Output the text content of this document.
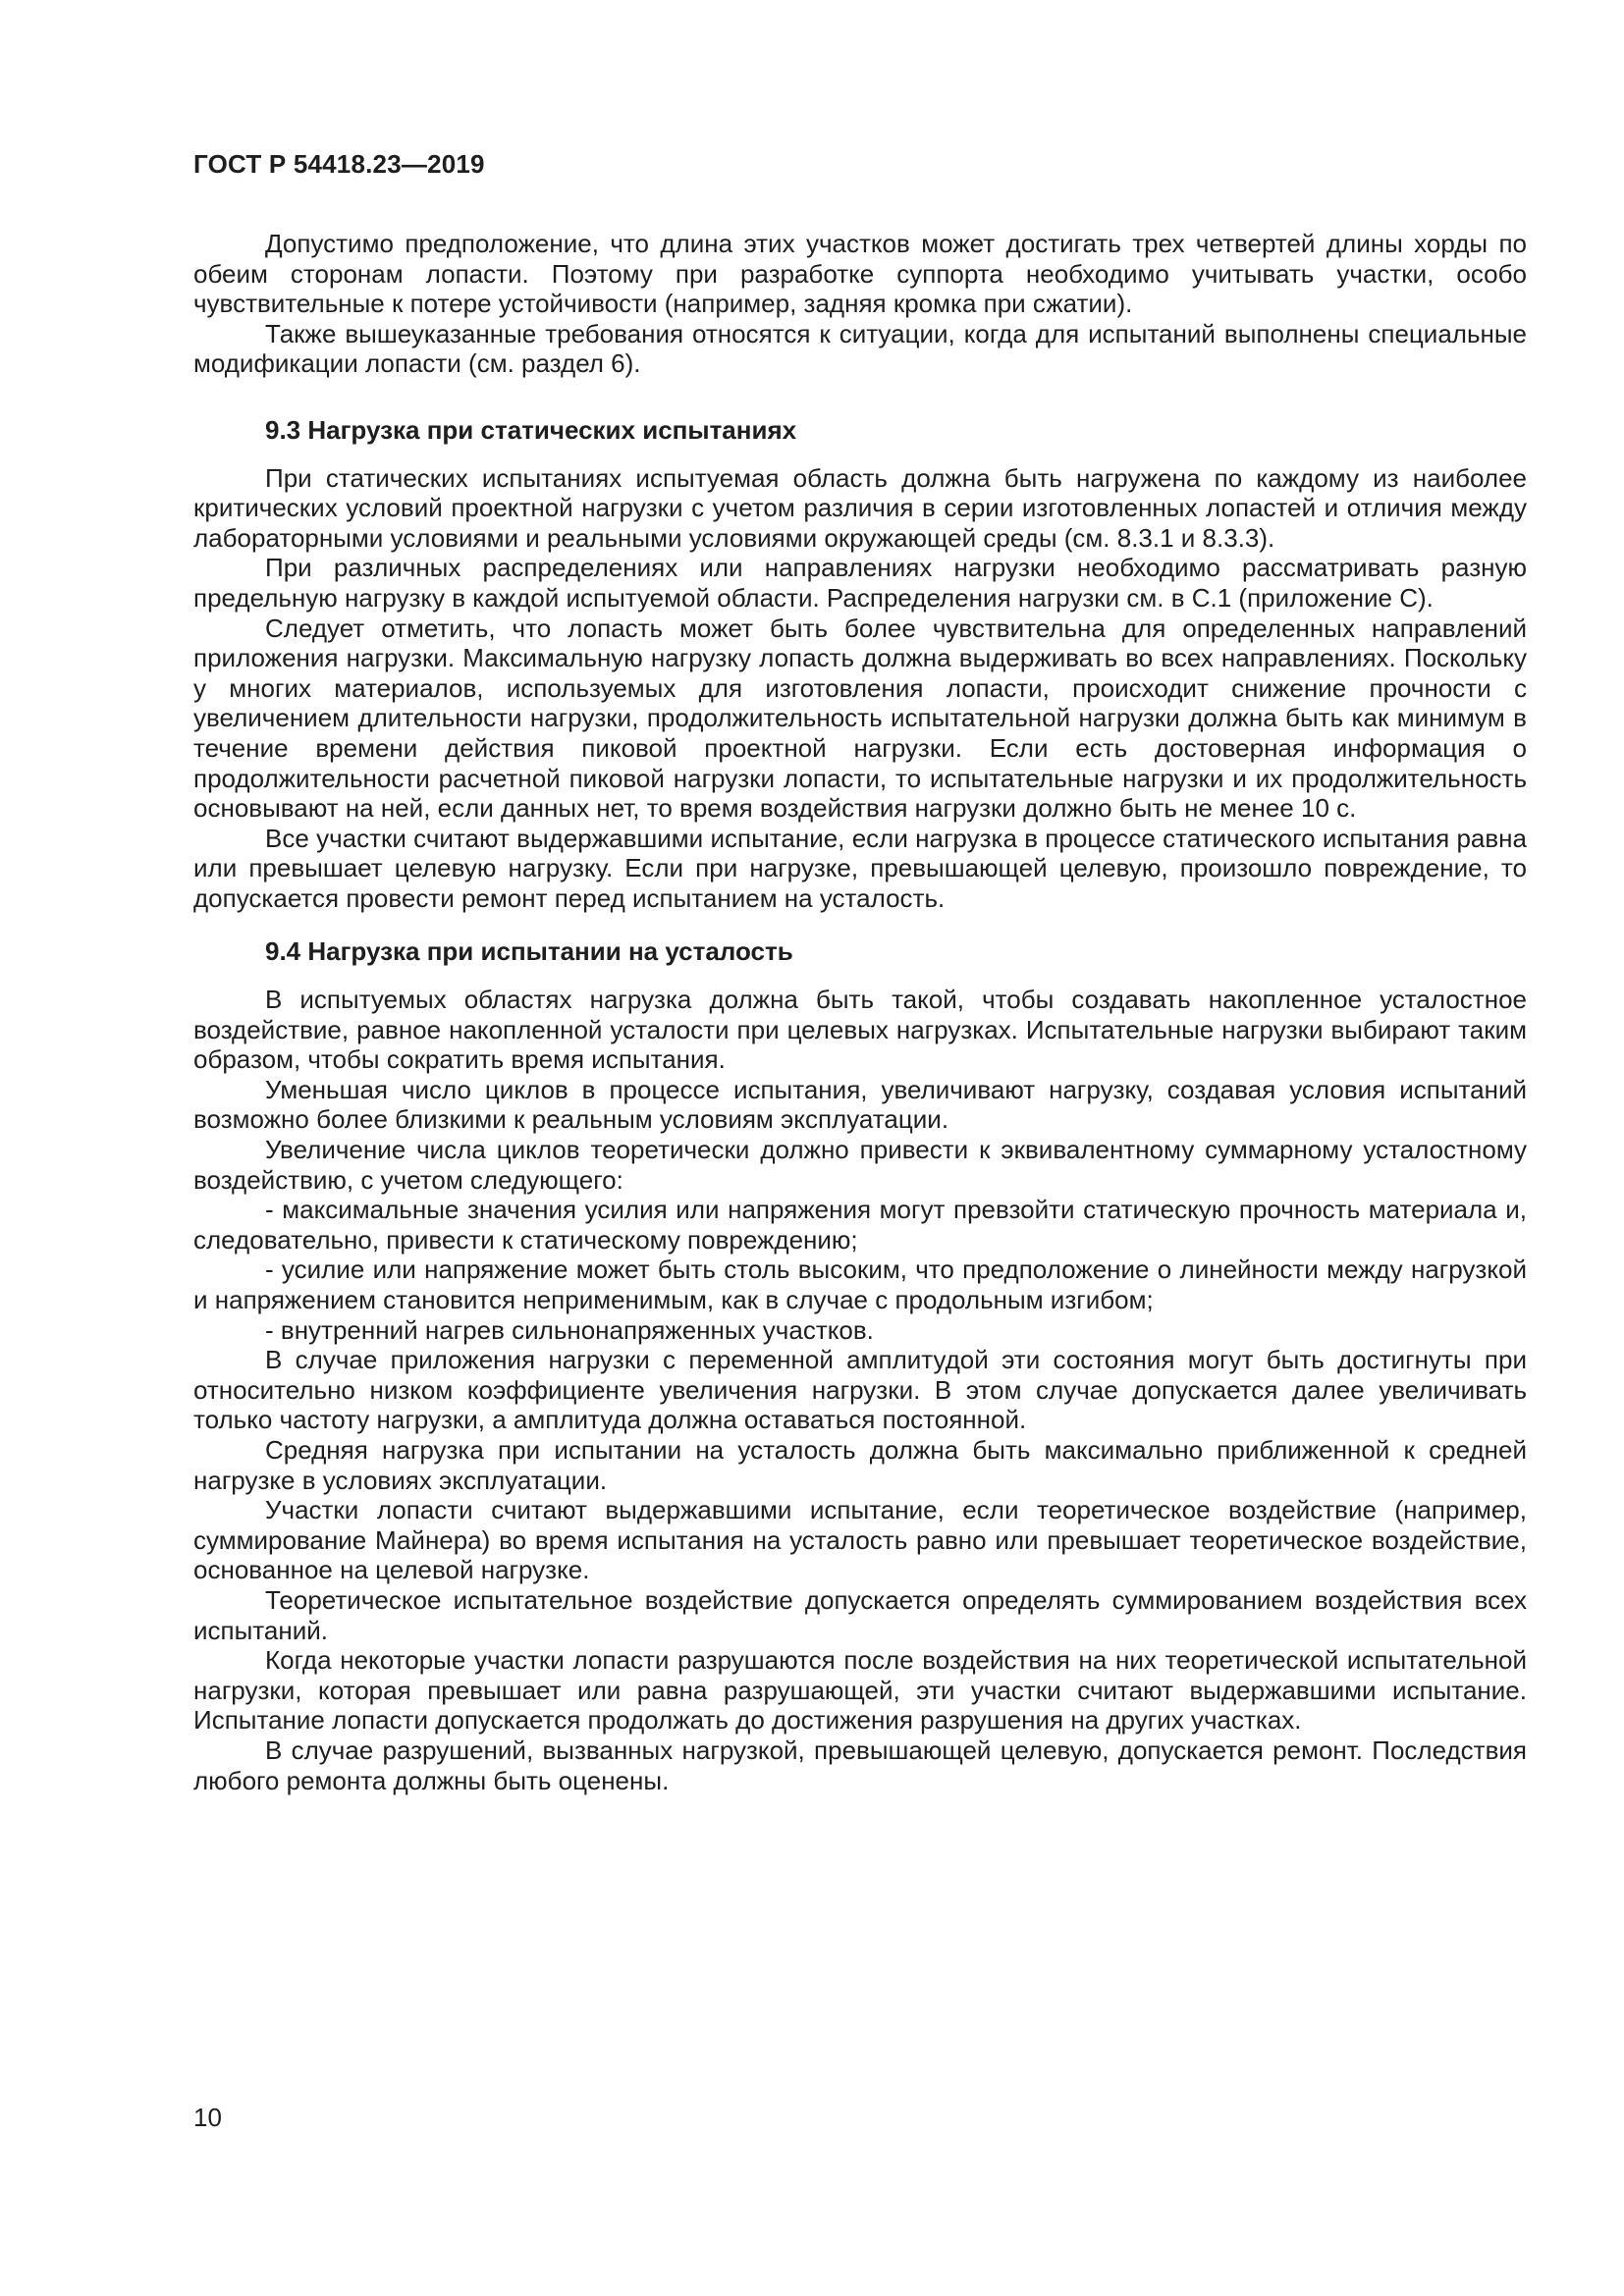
ГОСТ Р 54418.23—2019

Допустимо предположение, что длина этих участков может достигать трех четвертей длины хорды по обеим сторонам лопасти. Поэтому при разработке суппорта необходимо учитывать участки, особо чувствительные к потере устойчивости (например, задняя кромка при сжатии).

Также вышеуказанные требования относятся к ситуации, когда для испытаний выполнены специальные модификации лопасти (см. раздел 6).

9.3 Нагрузка при статических испытаниях

При статических испытаниях испытуемая область должна быть нагружена по каждому из наиболее критических условий проектной нагрузки с учетом различия в серии изготовленных лопастей и отличия между лабораторными условиями и реальными условиями окружающей среды (см. 8.3.1 и 8.3.3).

При различных распределениях или направлениях нагрузки необходимо рассматривать разную предельную нагрузку в каждой испытуемой области. Распределения нагрузки см. в С.1 (приложение С).

Следует отметить, что лопасть может быть более чувствительна для определенных направлений приложения нагрузки. Максимальную нагрузку лопасть должна выдерживать во всех направлениях. Поскольку у многих материалов, используемых для изготовления лопасти, происходит снижение прочности с увеличением длительности нагрузки, продолжительность испытательной нагрузки должна быть как минимум в течение времени действия пиковой проектной нагрузки. Если есть достоверная информация о продолжительности расчетной пиковой нагрузки лопасти, то испытательные нагрузки и их продолжительность основывают на ней, если данных нет, то время воздействия нагрузки должно быть не менее 10 с.

Все участки считают выдержавшими испытание, если нагрузка в процессе статического испытания равна или превышает целевую нагрузку. Если при нагрузке, превышающей целевую, произошло повреждение, то допускается провести ремонт перед испытанием на усталость.

9.4 Нагрузка при испытании на усталость

В испытуемых областях нагрузка должна быть такой, чтобы создавать накопленное усталостное воздействие, равное накопленной усталости при целевых нагрузках. Испытательные нагрузки выбирают таким образом, чтобы сократить время испытания.

Уменьшая число циклов в процессе испытания, увеличивают нагрузку, создавая условия испытаний возможно более близкими к реальным условиям эксплуатации.

Увеличение числа циклов теоретически должно привести к эквивалентному суммарному усталостному воздействию, с учетом следующего:

- максимальные значения усилия или напряжения могут превзойти статическую прочность материала и, следовательно, привести к статическому повреждению;

- усилие или напряжение может быть столь высоким, что предположение о линейности между нагрузкой и напряжением становится неприменимым, как в случае с продольным изгибом;

- внутренний нагрев сильнонапряженных участков.

В случае приложения нагрузки с переменной амплитудой эти состояния могут быть достигнуты при относительно низком коэффициенте увеличения нагрузки. В этом случае допускается далее увеличивать только частоту нагрузки, а амплитуда должна оставаться постоянной.

Средняя нагрузка при испытании на усталость должна быть максимально приближенной к средней нагрузке в условиях эксплуатации.

Участки лопасти считают выдержавшими испытание, если теоретическое воздействие (например, суммирование Майнера) во время испытания на усталость равно или превышает теоретическое воздействие, основанное на целевой нагрузке.

Теоретическое испытательное воздействие допускается определять суммированием воздействия всех испытаний.

Когда некоторые участки лопасти разрушаются после воздействия на них теоретической испытательной нагрузки, которая превышает или равна разрушающей, эти участки считают выдержавшими испытание. Испытание лопасти допускается продолжать до достижения разрушения на других участках.

В случае разрушений, вызванных нагрузкой, превышающей целевую, допускается ремонт. Последствия любого ремонта должны быть оценены.

10
